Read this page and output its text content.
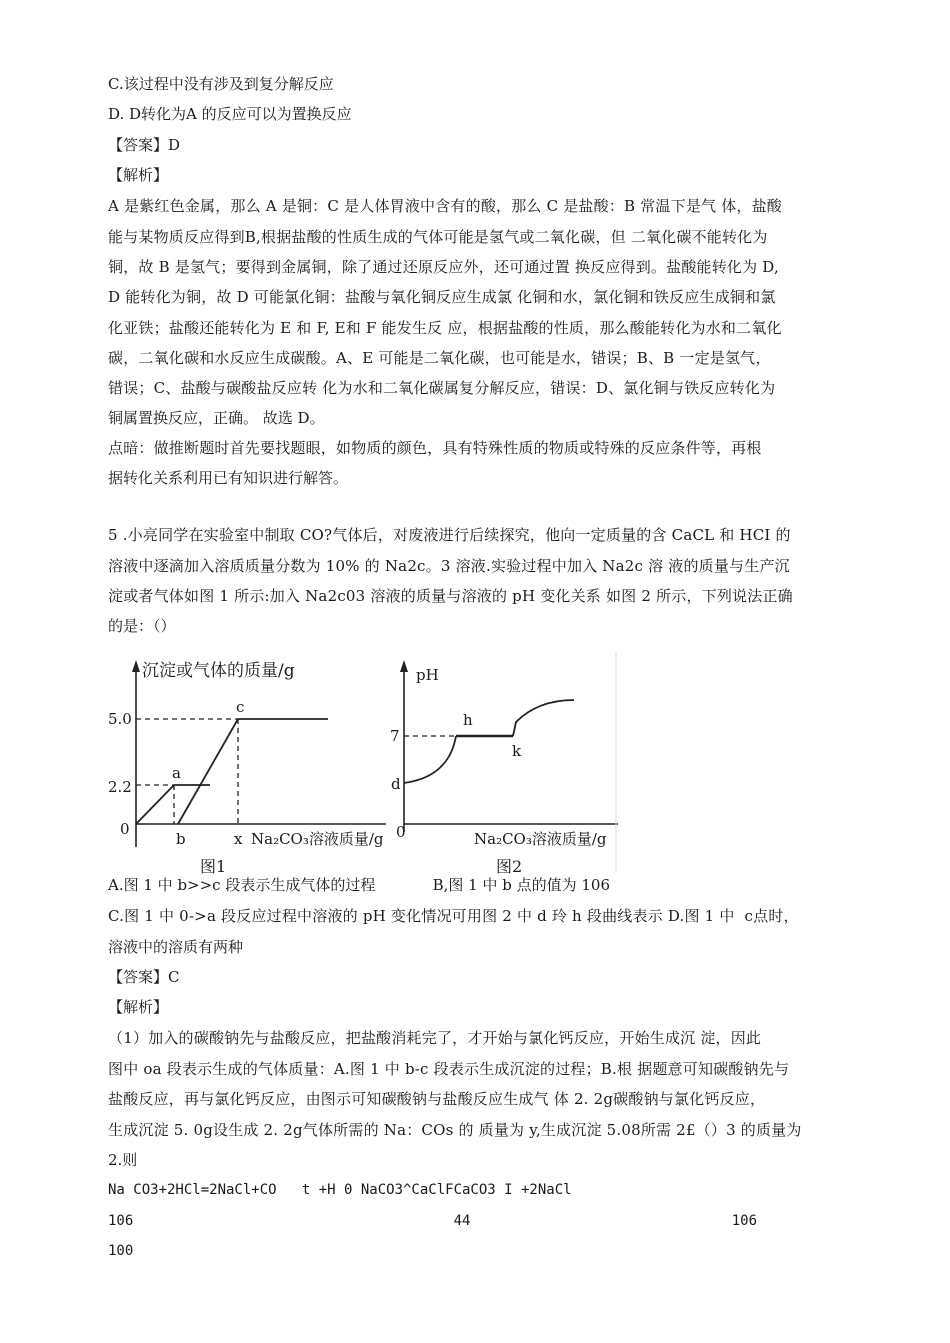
C.该过程中没有涉及到复分解反应
D. D转化为A 的反应可以为置换反应
【答案】D
【解析】
A 是紫红色金属，那么 A 是铜：C 是人体胃液中含有的酸，那么 C 是盐酸：B 常温下是气 体，盐酸
能与某物质反应得到B,根据盐酸的性质生成的气体可能是氢气或二氧化碳，但 二氧化碳不能转化为
铜，故 B 是氢气；要得到金属铜，除了通过还原反应外，还可通过置 换反应得到。盐酸能转化为 D,
D 能转化为铜，故 D 可能氯化铜：盐酸与氧化铜反应生成氯 化铜和水，氯化铜和铁反应生成铜和氯
化亚铁；盐酸还能转化为 E 和 F, E和 F 能发生反 应，根据盐酸的性质，那么酸能转化为水和二氧化
碳，二氧化碳和水反应生成碳酸。A、E 可能是二氧化碳，也可能是水，错误；B、B 一定是氢气，
错误；C、盐酸与碳酸盐反应转 化为水和二氧化碳属复分解反应，错误：D、氯化铜与铁反应转化为
铜属置换反应，正确。 故选 D。
点暗：做推断题时首先要找题眼，如物质的颜色，具有特殊性质的物质或特殊的反应条件等，再根
据转化关系利用已有知识进行解答。
5 .小亮同学在实验室中制取 CO?气体后，对废液进行后续探究，他向一定质量的含 CaCL 和 HCI 的
溶液中逐滴加入溶质质量分数为 10% 的 Na2c。3 溶液.实验过程中加入 Na2c 溶 液的质量与生产沉
淀或者气体如图 1 所示:加入 Na2c03 溶液的质量与溶液的 pH 变化关系 如图 2 所示，下列说法正确
的是：（）
沉淀或气体的质量/g
5.0
2.2
0
a
b
c
x Na₂CO₃溶液质量/g
图1
pH
7
d
0
h
k
Na₂CO₃溶液质量/g
图2
A.图 1 中 b>>c 段表示生成气体的过程            B,图 1 中 b 点的值为 106
C.图 1 中 0->a 段反应过程中溶液的 pH 变化情况可用图 2 中 d 玲 h 段曲线表示 D.图 1 中  c点时，
溶液中的溶质有两种
【答案】C
【解析】
（1）加入的碳酸钠先与盐酸反应，把盐酸消耗完了，才开始与氯化钙反应，开始生成沉 淀，因此
图中 oa 段表示生成的气体质量：A.图 1 中 b-c 段表示生成沉淀的过程；B.根 据题意可知碳酸钠先与
盐酸反应，再与氯化钙反应，由图示可知碳酸钠与盐酸反应生成气 体 2. 2g碳酸钠与氯化钙反应，
生成沉淀 5. 0g设生成 2. 2g气体所需的 Na：COs 的 质量为 y,生成沉淀 5.08所需 2£（）3 的质量为
2.则
Na CO3+2HCl=2NaCl+CO   t +H 0 NaCO3^CaClFCaCO3 I +2NaCl
106                                      44                               106
100
